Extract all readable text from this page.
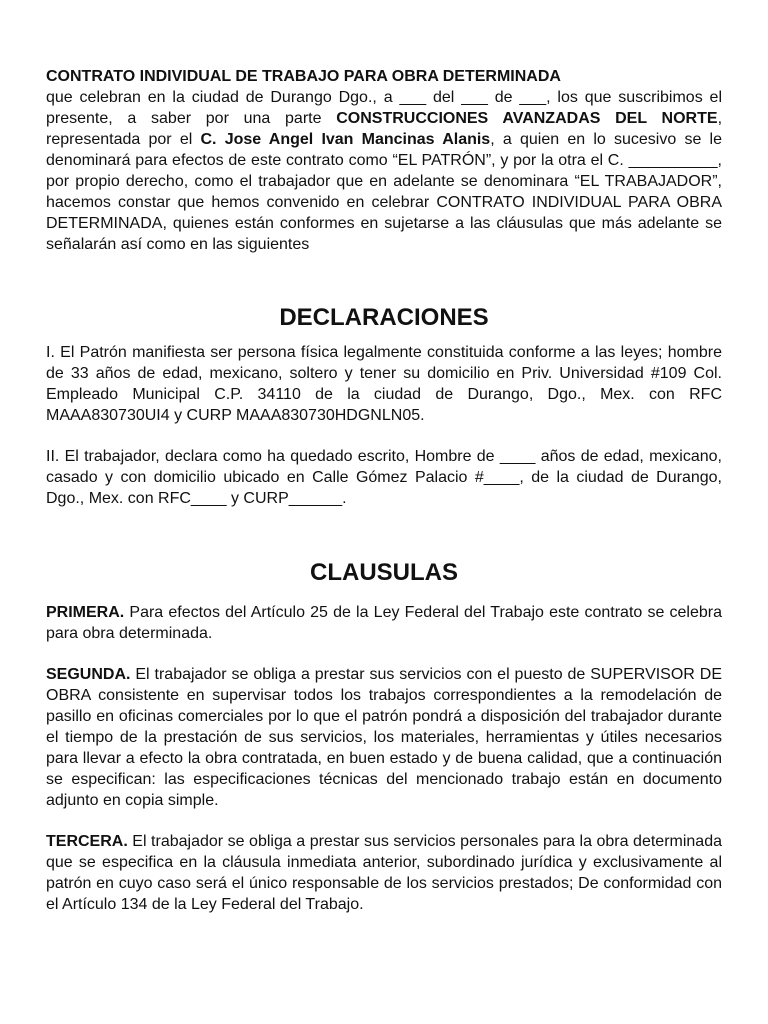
CONTRATO INDIVIDUAL DE TRABAJO PARA OBRA DETERMINADA

que celebran en la ciudad de Durango Dgo., a ___ del ___ de ___, los que suscribimos el presente, a saber por una parte CONSTRUCCIONES AVANZADAS DEL NORTE, representada por el C. Jose Angel Ivan Mancinas Alanis, a quien en lo sucesivo se le denominará para efectos de este contrato como “EL PATRÓN”, y por la otra el C. __________, por propio derecho, como el trabajador que en adelante se denominara “EL TRABAJADOR”, hacemos constar que hemos convenido en celebrar CONTRATO INDIVIDUAL PARA OBRA DETERMINADA, quienes están conformes en sujetarse a las cláusulas que más adelante se señalarán así como en las siguientes

DECLARACIONES

I. El Patrón manifiesta ser persona física legalmente constituida conforme a las leyes; hombre de 33 años de edad, mexicano, soltero y tener su domicilio en Priv. Universidad #109 Col. Empleado Municipal C.P. 34110 de la ciudad de Durango, Dgo., Mex. con RFC MAAA830730UI4 y CURP MAAA830730HDGNLN05.

II. El trabajador, declara como ha quedado escrito, Hombre de ____ años de edad, mexicano, casado y con domicilio ubicado en Calle Gómez Palacio #____, de la ciudad de Durango, Dgo., Mex. con RFC____ y CURP______.

CLAUSULAS

PRIMERA. Para efectos del Artículo 25 de la Ley Federal del Trabajo este contrato se celebra para obra determinada.

SEGUNDA. El trabajador se obliga a prestar sus servicios con el puesto de SUPERVISOR DE OBRA consistente en supervisar todos los trabajos correspondientes a la remodelación de pasillo en oficinas comerciales por lo que el patrón pondrá a disposición del trabajador durante el tiempo de la prestación de sus servicios, los materiales, herramientas y útiles necesarios para llevar a efecto la obra contratada, en buen estado y de buena calidad, que a continuación se especifican: las especificaciones técnicas del mencionado trabajo están en documento adjunto en copia simple.

TERCERA. El trabajador se obliga a prestar sus servicios personales para la obra determinada que se especifica en la cláusula inmediata anterior, subordinado jurídica y exclusivamente al patrón en cuyo caso será el único responsable de los servicios prestados; De conformidad con el Artículo 134 de la Ley Federal del Trabajo.
